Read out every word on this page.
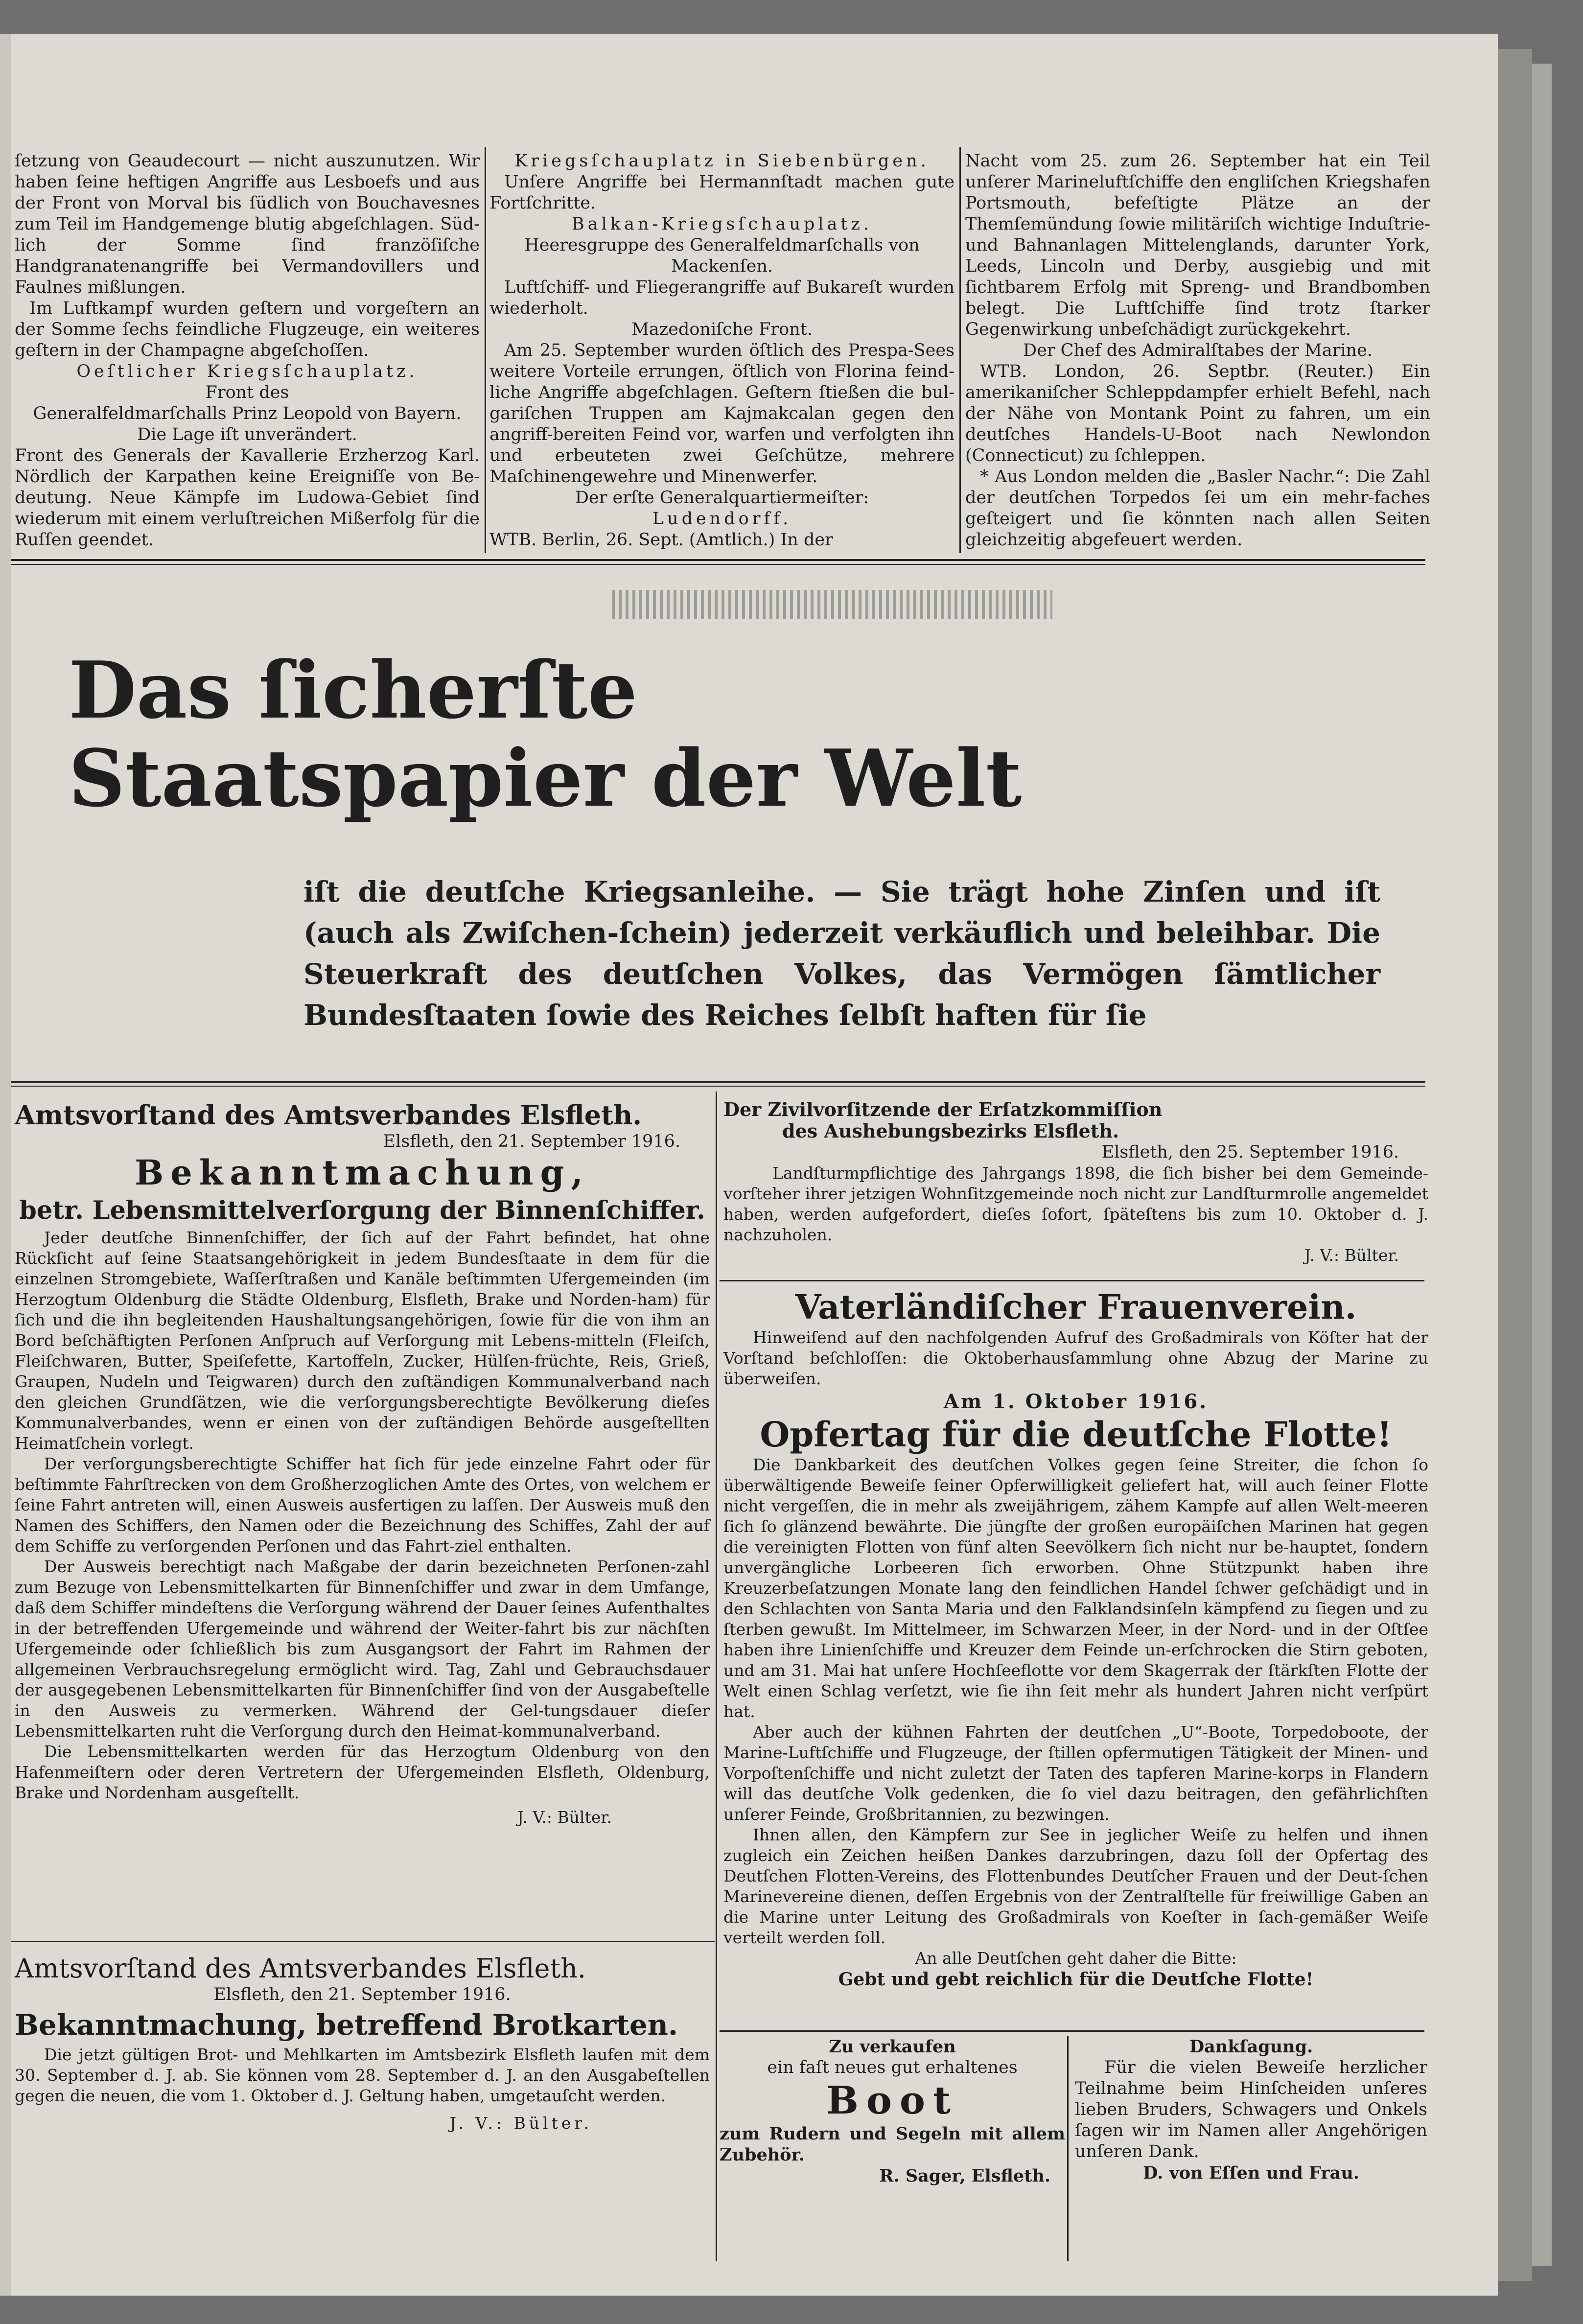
ſetzung von Geaudecourt — nicht auszunutzen. Wir haben ſeine heftigen Angriffe aus Lesboefs und aus der Front von Morval bis ſüdlich von Bouchavesnes zum Teil im Handgemenge blutig abgeſchlagen. Süd-lich der Somme ſind franzöſiſche Handgranatenangriffe bei Vermandovillers und Faulnes mißlungen.

Im Luftkampf wurden geſtern und vorgeſtern an der Somme ſechs feindliche Flugzeuge, ein weiteres geſtern in der Champagne abgeſchoſſen.

Oeſtlicher Kriegsſchauplatz.

Front des

Generalfeldmarſchalls Prinz Leopold von Bayern.

Die Lage iſt unverändert.

Front des Generals der Kavallerie Erzherzog Karl. Nördlich der Karpathen keine Ereigniſſe von Be-deutung. Neue Kämpfe im Ludowa-Gebiet ſind wiederum mit einem verluſtreichen Mißerfolg für die Ruſſen geendet.

Kriegsſchauplatz in Siebenbürgen.

Unſere Angriffe bei Hermannſtadt machen gute Fortſchritte.

Balkan-Kriegsſchauplatz.

Heeresgruppe des Generalfeldmarſchalls von Mackenſen.

Luftſchiff- und Fliegerangriffe auf Bukareſt wurden wiederholt.

Mazedoniſche Front.

Am 25. September wurden öſtlich des Prespa-Sees weitere Vorteile errungen, öſtlich von Florina feind-liche Angriffe abgeſchlagen. Geſtern ſtießen die bul-gariſchen Truppen am Kajmakcalan gegen den angriff-bereiten Feind vor, warfen und verfolgten ihn und erbeuteten zwei Geſchütze, mehrere Maſchinengewehre und Minenwerfer.

Der erſte Generalquartiermeiſter:

Ludendorff.

WTB. Berlin, 26. Sept. (Amtlich.) In der

Nacht vom 25. zum 26. September hat ein Teil unſerer Marineluftſchiffe den engliſchen Kriegshafen Portsmouth, befeſtigte Plätze an der Themſemündung ſowie militäriſch wichtige Induſtrie- und Bahnanlagen Mittelenglands, darunter York, Leeds, Lincoln und Derby, ausgiebig und mit ſichtbarem Erfolg mit Spreng- und Brandbomben belegt. Die Luftſchiffe ſind trotz ſtarker Gegenwirkung unbeſchädigt zurückgekehrt.

Der Chef des Admiralſtabes der Marine.

WTB. London, 26. Septbr. (Reuter.) Ein amerikaniſcher Schleppdampfer erhielt Befehl, nach der Nähe von Montank Point zu fahren, um ein deutſches Handels-U-Boot nach Newlondon (Connecticut) zu ſchleppen.

* Aus London melden die „Basler Nachr.“: Die Zahl der deutſchen Torpedos ſei um ein mehr-faches geſteigert und ſie könnten nach allen Seiten gleichzeitig abgefeuert werden.

Das ſicherſte
Staatspapier der Welt
iſt die deutſche Kriegsanleihe. — Sie trägt hohe Zinſen und iſt (auch als Zwiſchen-ſchein) jederzeit verkäuflich und beleihbar. Die Steuerkraft des deutſchen Volkes, das Vermögen ſämtlicher Bundesſtaaten ſowie des Reiches ſelbſt haften für ſie

Amtsvorſtand des Amtsverbandes Elsfleth.

Elsfleth, den 21. September 1916.

Bekanntmachung,

betr. Lebensmittelverſorgung der Binnenſchiffer.

Jeder deutſche Binnenſchiffer, der ſich auf der Fahrt befindet, hat ohne Rückſicht auf ſeine Staatsangehörigkeit in jedem Bundesſtaate in dem für die einzelnen Stromgebiete, Waſſerſtraßen und Kanäle beſtimmten Ufergemeinden (im Herzogtum Oldenburg die Städte Oldenburg, Elsfleth, Brake und Norden-ham) für ſich und die ihn begleitenden Haushaltungsangehörigen, ſowie für die von ihm an Bord beſchäftigten Perſonen Anſpruch auf Verſorgung mit Lebens-mitteln (Fleiſch, Fleiſchwaren, Butter, Speiſefette, Kartoffeln, Zucker, Hülſen-früchte, Reis, Grieß, Graupen, Nudeln und Teigwaren) durch den zuſtändigen Kommunalverband nach den gleichen Grundſätzen, wie die verſorgungsberechtigte Bevölkerung dieſes Kommunalverbandes, wenn er einen von der zuſtändigen Behörde ausgeſtellten Heimatſchein vorlegt.

Der verſorgungsberechtigte Schiffer hat ſich für jede einzelne Fahrt oder für beſtimmte Fahrſtrecken von dem Großherzoglichen Amte des Ortes, von welchem er ſeine Fahrt antreten will, einen Ausweis ausfertigen zu laſſen. Der Ausweis muß den Namen des Schiffers, den Namen oder die Bezeichnung des Schiffes, Zahl der auf dem Schiffe zu verſorgenden Perſonen und das Fahrt-ziel enthalten.

Der Ausweis berechtigt nach Maßgabe der darin bezeichneten Perſonen-zahl zum Bezuge von Lebensmittelkarten für Binnenſchiffer und zwar in dem Umfange, daß dem Schiffer mindeſtens die Verſorgung während der Dauer ſeines Aufenthaltes in der betreffenden Ufergemeinde und während der Weiter-fahrt bis zur nächſten Ufergemeinde oder ſchließlich bis zum Ausgangsort der Fahrt im Rahmen der allgemeinen Verbrauchsregelung ermöglicht wird. Tag, Zahl und Gebrauchsdauer der ausgegebenen Lebensmittelkarten für Binnenſchiffer ſind von der Ausgabeſtelle in den Ausweis zu vermerken. Während der Gel-tungsdauer dieſer Lebensmittelkarten ruht die Verſorgung durch den Heimat-kommunalverband.

Die Lebensmittelkarten werden für das Herzogtum Oldenburg von den Hafenmeiſtern oder deren Vertretern der Ufergemeinden Elsfleth, Oldenburg, Brake und Nordenham ausgeſtellt.

J. V.: Bülter.

Amtsvorſtand des Amtsverbandes Elsfleth.

Elsfleth, den 21. September 1916.

Bekanntmachung, betreffend Brotkarten.

Die jetzt gültigen Brot- und Mehlkarten im Amtsbezirk Elsfleth laufen mit dem 30. September d. J. ab. Sie können vom 28. September d. J. an den Ausgabeſtellen gegen die neuen, die vom 1. Oktober d. J. Geltung haben, umgetauſcht werden.

J. V.: Bülter.

Der Zivilvorſitzende der Erſatzkommiſſion

des Aushebungsbezirks Elsfleth.

Elsfleth, den 25. September 1916.

Landſturmpflichtige des Jahrgangs 1898, die ſich bisher bei dem Gemeinde-vorſteher ihrer jetzigen Wohnſitzgemeinde noch nicht zur Landſturmrolle angemeldet haben, werden aufgefordert, dieſes ſofort, ſpäteſtens bis zum 10. Oktober d. J. nachzuholen.

J. V.: Bülter.

Vaterländiſcher Frauenverein.

Hinweiſend auf den nachfolgenden Aufruf des Großadmirals von Köſter hat der Vorſtand beſchloſſen: die Oktoberhausſammlung ohne Abzug der Marine zu überweiſen.

Am 1. Oktober 1916.

Opfertag für die deutſche Flotte!

Die Dankbarkeit des deutſchen Volkes gegen ſeine Streiter, die ſchon ſo überwältigende Beweiſe ſeiner Opferwilligkeit geliefert hat, will auch ſeiner Flotte nicht vergeſſen, die in mehr als zweijährigem, zähem Kampfe auf allen Welt-meeren ſich ſo glänzend bewährte. Die jüngſte der großen europäiſchen Marinen hat gegen die vereinigten Flotten von fünf alten Seevölkern ſich nicht nur be-hauptet, ſondern unvergängliche Lorbeeren ſich erworben. Ohne Stützpunkt haben ihre Kreuzerbeſatzungen Monate lang den feindlichen Handel ſchwer geſchädigt und in den Schlachten von Santa Maria und den Falklandsinſeln kämpfend zu ſiegen und zu ſterben gewußt. Im Mittelmeer, im Schwarzen Meer, in der Nord- und in der Oſtſee haben ihre Linienſchiffe und Kreuzer dem Feinde un-erſchrocken die Stirn geboten, und am 31. Mai hat unſere Hochſeeflotte vor dem Skagerrak der ſtärkſten Flotte der Welt einen Schlag verſetzt, wie ſie ihn ſeit mehr als hundert Jahren nicht verſpürt hat.

Aber auch der kühnen Fahrten der deutſchen „U“-Boote, Torpedoboote, der Marine-Luftſchiffe und Flugzeuge, der ſtillen opfermutigen Tätigkeit der Minen- und Vorpoſtenſchiffe und nicht zuletzt der Taten des tapferen Marine-korps in Flandern will das deutſche Volk gedenken, die ſo viel dazu beitragen, den gefährlichſten unſerer Feinde, Großbritannien, zu bezwingen.

Ihnen allen, den Kämpfern zur See in jeglicher Weiſe zu helfen und ihnen zugleich ein Zeichen heißen Dankes darzubringen, dazu ſoll der Opfertag des Deutſchen Flotten-Vereins, des Flottenbundes Deutſcher Frauen und der Deut-ſchen Marinevereine dienen, deſſen Ergebnis von der Zentralſtelle für freiwillige Gaben an die Marine unter Leitung des Großadmirals von Koeſter in ſach-gemäßer Weiſe verteilt werden ſoll.

An alle Deutſchen geht daher die Bitte:

Gebt und gebt reichlich für die Deutſche Flotte!

Zu verkaufen

ein faſt neues gut erhaltenes

Boot

zum Rudern und Segeln mit allem Zubehör.

R. Sager, Elsfleth.

Dankſagung.

Für die vielen Beweiſe herzlicher Teilnahme beim Hinſcheiden unſeres lieben Bruders, Schwagers und Onkels ſagen wir im Namen aller Angehörigen unſeren Dank.

D. von Eſſen und Frau.
